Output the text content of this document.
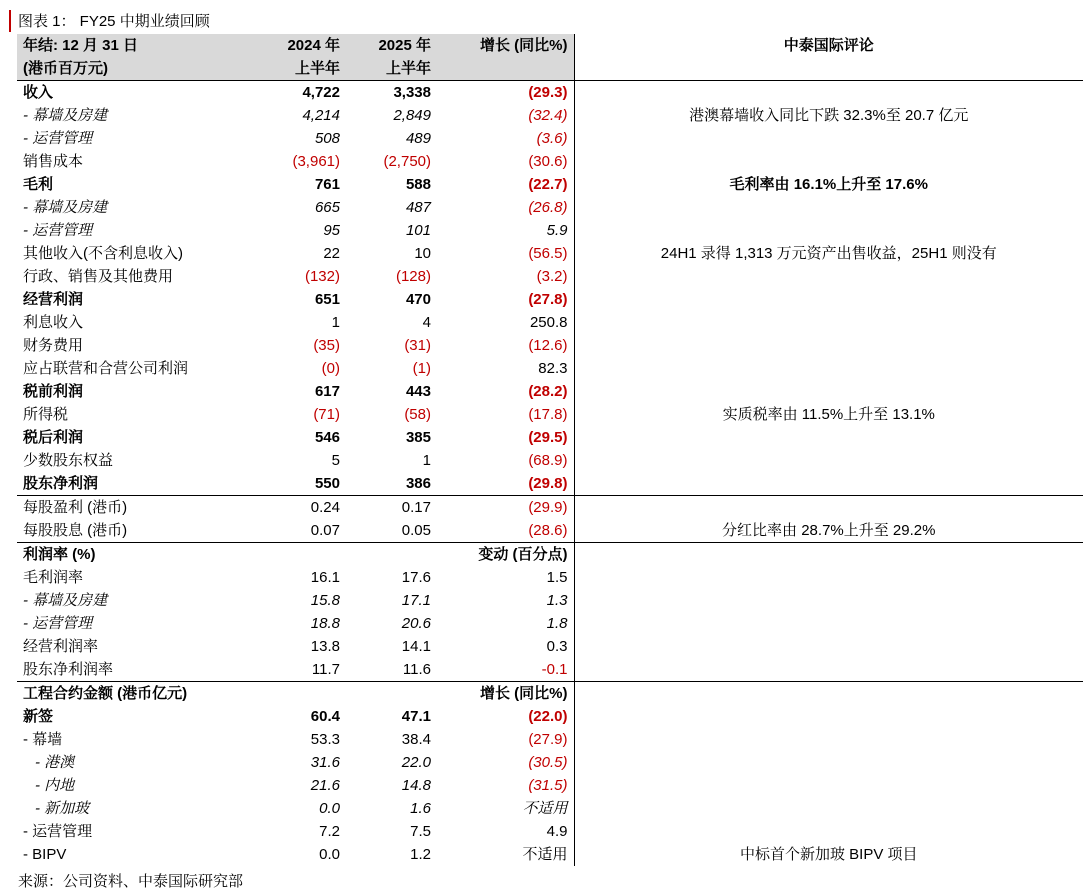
图表 1： FY25 中期业绩回顾
年结: 12 月 31 日	2024 年	2025 年	增长 (同比%)	中泰国际评论
(港币百万元)	上半年	上半年		
收入	4,722	3,338	(29.3)	
- 幕墙及房建	4,214	2,849	(32.4)	港澳幕墙收入同比下跌 32.3%至 20.7 亿元
- 运营管理	508	489	(3.6)	
销售成本	(3,961)	(2,750)	(30.6)	
毛利	761	588	(22.7)	毛利率由 16.1%上升至 17.6%
- 幕墙及房建	665	487	(26.8)	
- 运营管理	95	101	5.9	
其他收入(不含利息收入)	22	10	(56.5)	24H1 录得 1,313 万元资产出售收益，25H1 则没有
行政、销售及其他费用	(132)	(128)	(3.2)	
经营利润	651	470	(27.8)	
利息收入	1	4	250.8	
财务费用	(35)	(31)	(12.6)	
应占联营和合营公司利润	(0)	(1)	82.3	
税前利润	617	443	(28.2)	
所得税	(71)	(58)	(17.8)	实质税率由 11.5%上升至 13.1%
税后利润	546	385	(29.5)	
少数股东权益	5	1	(68.9)	
股东净利润	550	386	(29.8)	
每股盈利 (港币)	0.24	0.17	(29.9)	
每股股息 (港币)	0.07	0.05	(28.6)	分红比率由 28.7%上升至 29.2%
利润率 (%)			变动 (百分点)	
毛利润率	16.1	17.6	1.5	
- 幕墙及房建	15.8	17.1	1.3	
- 运营管理	18.8	20.6	1.8	
经营利润率	13.8	14.1	0.3	
股东净利润率	11.7	11.6	-0.1	
工程合约金额 (港币亿元)			增长 (同比%)	
新签	60.4	47.1	(22.0)	
- 幕墙	53.3	38.4	(27.9)	
- 港澳	31.6	22.0	(30.5)	
- 内地	21.6	14.8	(31.5)	
- 新加玻	0.0	1.6	不适用	
- 运营管理	7.2	7.5	4.9	
- BIPV	0.0	1.2	不适用	中标首个新加玻 BIPV 项目
来源：公司资料、中泰国际研究部
